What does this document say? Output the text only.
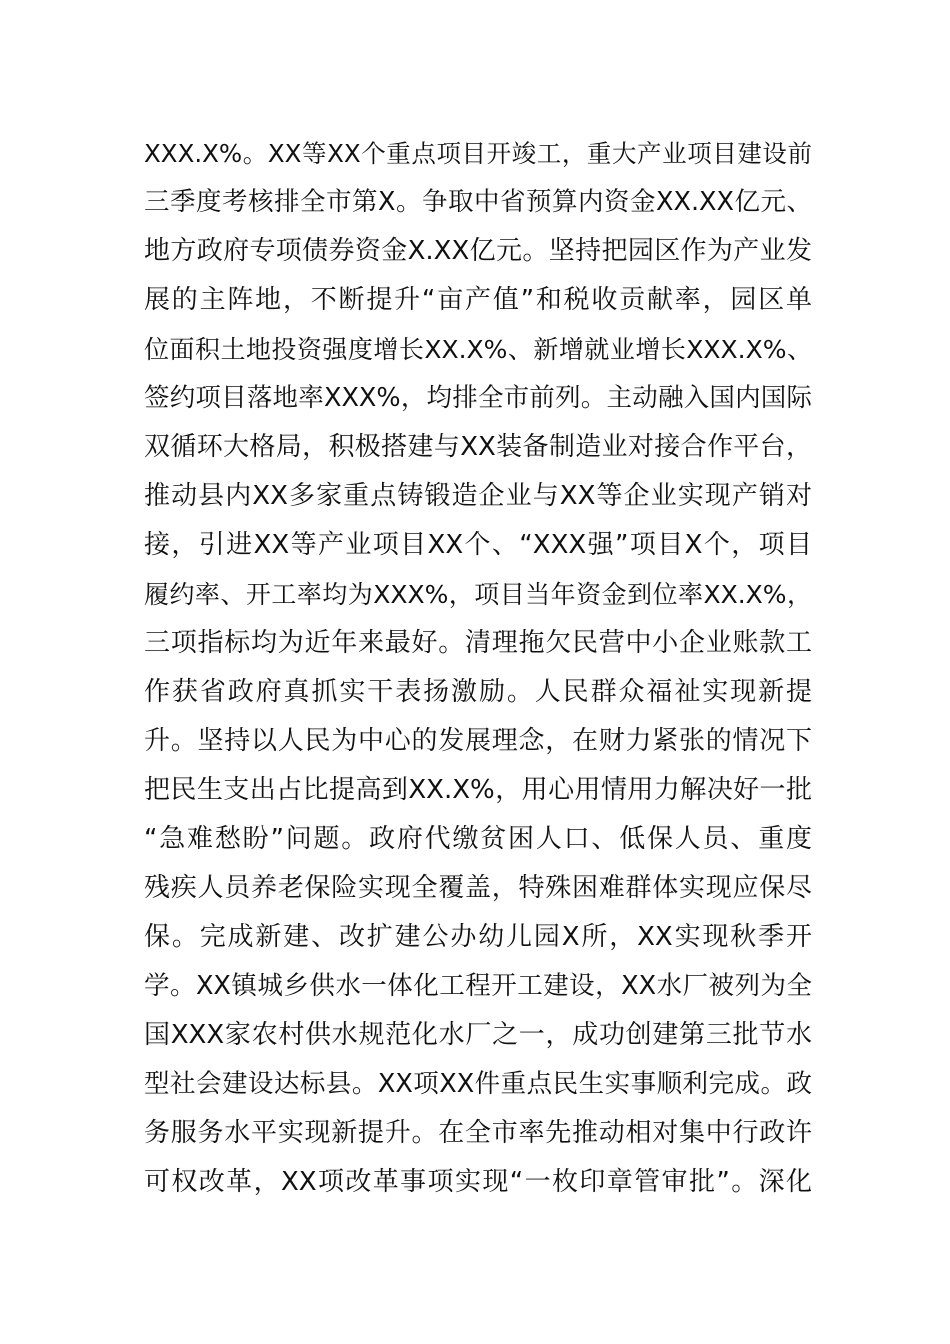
XXX.X%。XX等XX个重点项目开竣工，重大产业项目建设前
三季度考核排全市第X。争取中省预算内资金XX.XX亿元、
地方政府专项债券资金X.XX亿元。坚持把园区作为产业发
展的主阵地，不断提升“亩产值”和税收贡献率，园区单
位面积土地投资强度增长XX.X%、新增就业增长XXX.X%、
签约项目落地率XXX%，均排全市前列。主动融入国内国际
双循环大格局，积极搭建与XX装备制造业对接合作平台，
推动县内XX多家重点铸锻造企业与XX等企业实现产销对
接，引进XX等产业项目XX个、“XXX强”项目X个，项目
履约率、开工率均为XXX%，项目当年资金到位率XX.X%，
三项指标均为近年来最好。清理拖欠民营中小企业账款工
作获省政府真抓实干表扬激励。人民群众福祉实现新提
升。坚持以人民为中心的发展理念，在财力紧张的情况下
把民生支出占比提高到XX.X%，用心用情用力解决好一批
“急难愁盼”问题。政府代缴贫困人口、低保人员、重度
残疾人员养老保险实现全覆盖，特殊困难群体实现应保尽
保。完成新建、改扩建公办幼儿园X所，XX实现秋季开
学。XX镇城乡供水一体化工程开工建设，XX水厂被列为全
国XXX家农村供水规范化水厂之一，成功创建第三批节水
型社会建设达标县。XX项XX件重点民生实事顺利完成。政
务服务水平实现新提升。在全市率先推动相对集中行政许
可权改革，XX项改革事项实现“一枚印章管审批”。深化
